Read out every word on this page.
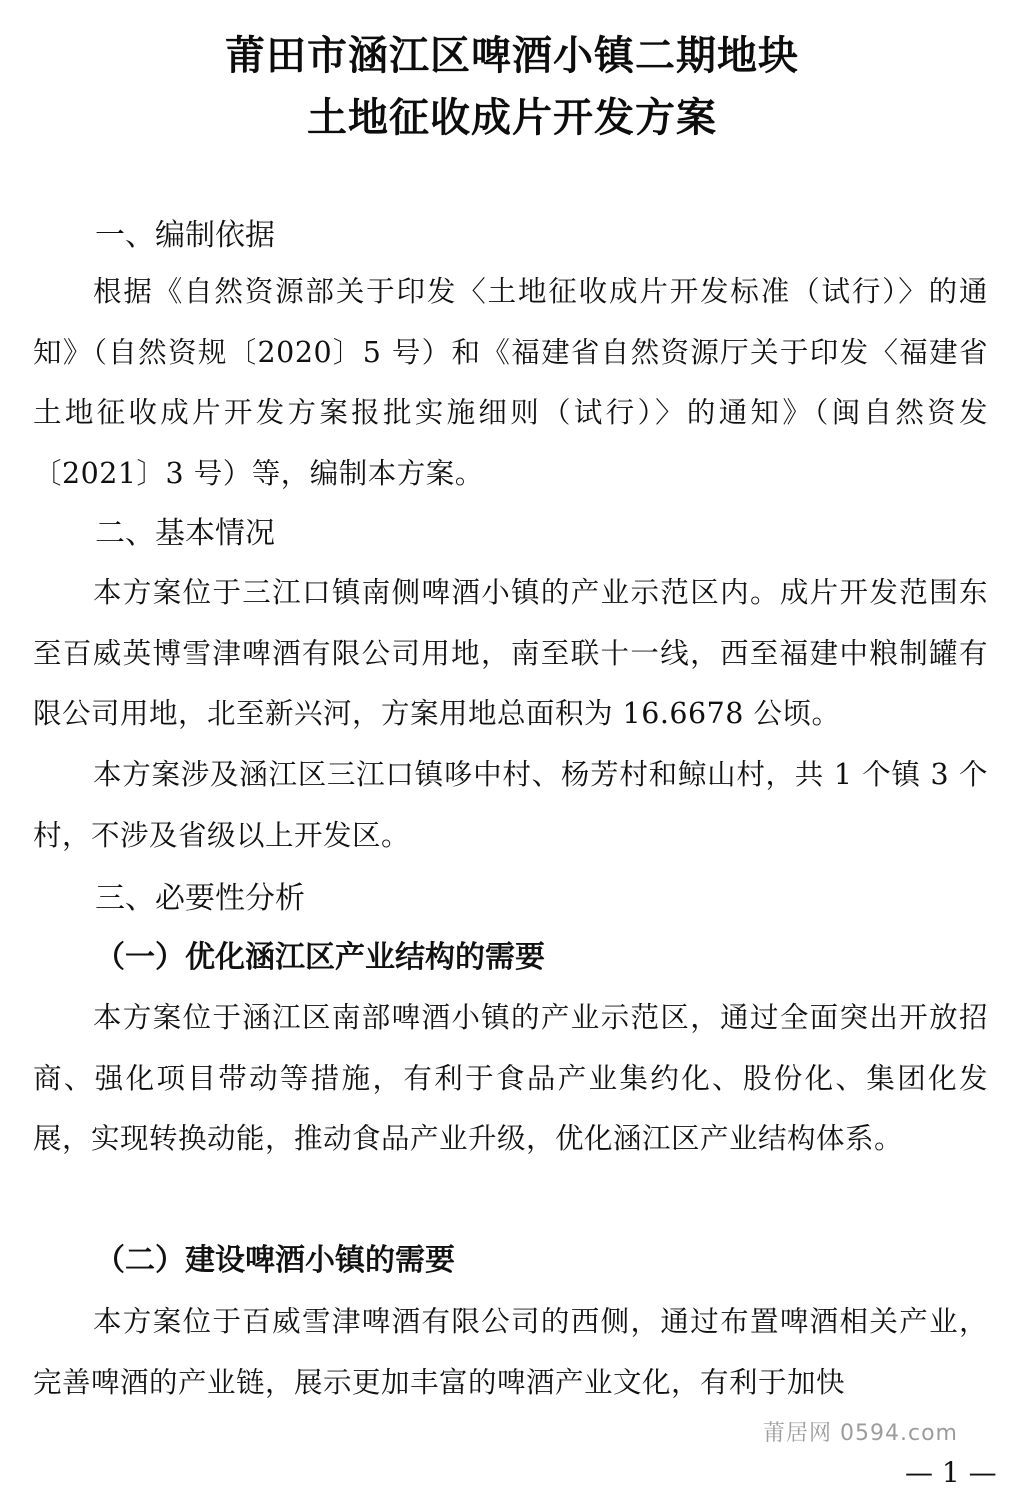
莆田市涵江区啤酒小镇二期地块
土地征收成片开发方案
一、编制依据
根据《自然资源部关于印发〈土地征收成片开发标准（试行）〉的通知》（自然资规〔2020〕5 号）和《福建省自然资源厅关于印发〈福建省土地征收成片开发方案报批实施细则（试行）〉的通知》（闽自然资发〔2021〕3 号）等，编制本方案。
二、基本情况
本方案位于三江口镇南侧啤酒小镇的产业示范区内。成片开发范围东至百威英博雪津啤酒有限公司用地，南至联十一线，西至福建中粮制罐有限公司用地，北至新兴河，方案用地总面积为 16.6678 公顷。
本方案涉及涵江区三江口镇哆中村、杨芳村和鲸山村，共 1 个镇 3 个村，不涉及省级以上开发区。
三、必要性分析
（一）优化涵江区产业结构的需要
本方案位于涵江区南部啤酒小镇的产业示范区，通过全面突出开放招商、强化项目带动等措施，有利于食品产业集约化、股份化、集团化发展，实现转换动能，推动食品产业升级，优化涵江区产业结构体系。
（二）建设啤酒小镇的需要
本方案位于百威雪津啤酒有限公司的西侧，通过布置啤酒相关产业，完善啤酒的产业链，展示更加丰富的啤酒产业文化，有利于加快
莆居网 0594.com
— 1 —
